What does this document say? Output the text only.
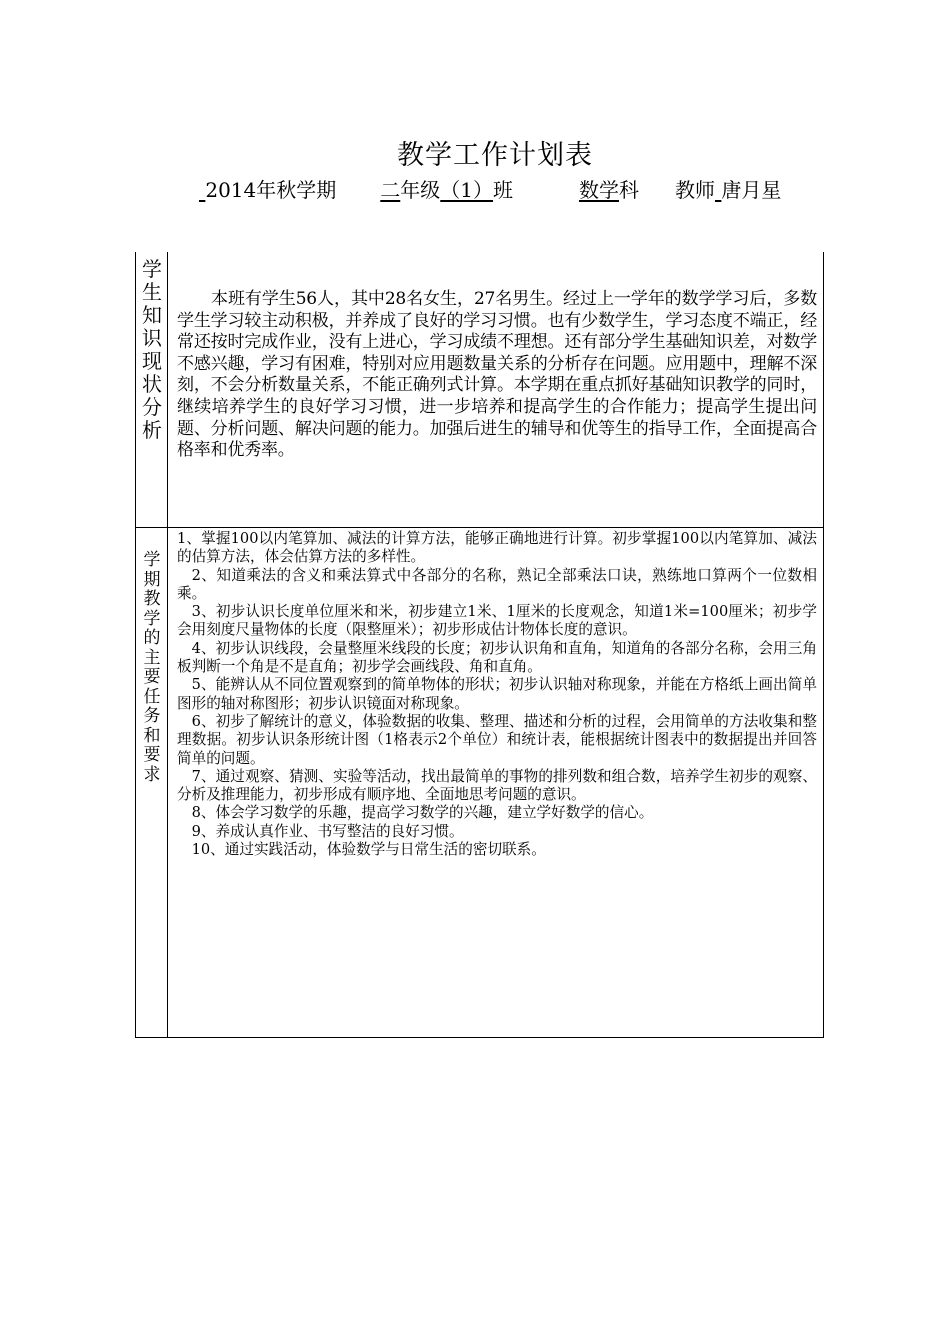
教学工作计划表
2014年秋学期 二年级（1）班	数学科 教师 唐月星
学生知识现状分析
本班有学生56人，其中28名女生，27名男生。经过上一学年的数学学习后，多数学生学习较主动积极，并养成了良好的学习习惯。也有少数学生，学习态度不端正，经常还按时完成作业，没有上进心，学习成绩不理想。还有部分学生基础知识差，对数学不感兴趣，学习有困难，特别对应用题数量关系的分析存在问题。应用题中，理解不深刻，不会分析数量关系，不能正确列式计算。本学期在重点抓好基础知识教学的同时，继续培养学生的良好学习习惯，进一步培养和提高学生的合作能力；提高学生提出问题、分析问题、解决问题的能力。加强后进生的辅导和优等生的指导工作，全面提高合格率和优秀率。
学期教学的主要任务和要求

1、掌握100以内笔算加、减法的计算方法，能够正确地进行计算。初步掌握100以内笔算加、减法的估算方法，体会估算方法的多样性。

2、知道乘法的含义和乘法算式中各部分的名称，熟记全部乘法口诀，熟练地口算两个一位数相乘。

3、初步认识长度单位厘米和米，初步建立1米、1厘米的长度观念，知道1米=100厘米；初步学会用刻度尺量物体的长度（限整厘米）；初步形成估计物体长度的意识。

4、初步认识线段，会量整厘米线段的长度；初步认识角和直角，知道角的各部分名称，会用三角板判断一个角是不是直角；初步学会画线段、角和直角。

5、能辨认从不同位置观察到的简单物体的形状；初步认识轴对称现象，并能在方格纸上画出简单图形的轴对称图形；初步认识镜面对称现象。

6、初步了解统计的意义，体验数据的收集、整理、描述和分析的过程，会用简单的方法收集和整理数据。初步认识条形统计图（1格表示2个单位）和统计表，能根据统计图表中的数据提出并回答简单的问题。

7、通过观察、猜测、实验等活动，找出最简单的事物的排列数和组合数，培养学生初步的观察、分析及推理能力，初步形成有顺序地、全面地思考问题的意识。

8、体会学习数学的乐趣，提高学习数学的兴趣，建立学好数学的信心。

9、养成认真作业、书写整洁的良好习惯。

10、通过实践活动，体验数学与日常生活的密切联系。
